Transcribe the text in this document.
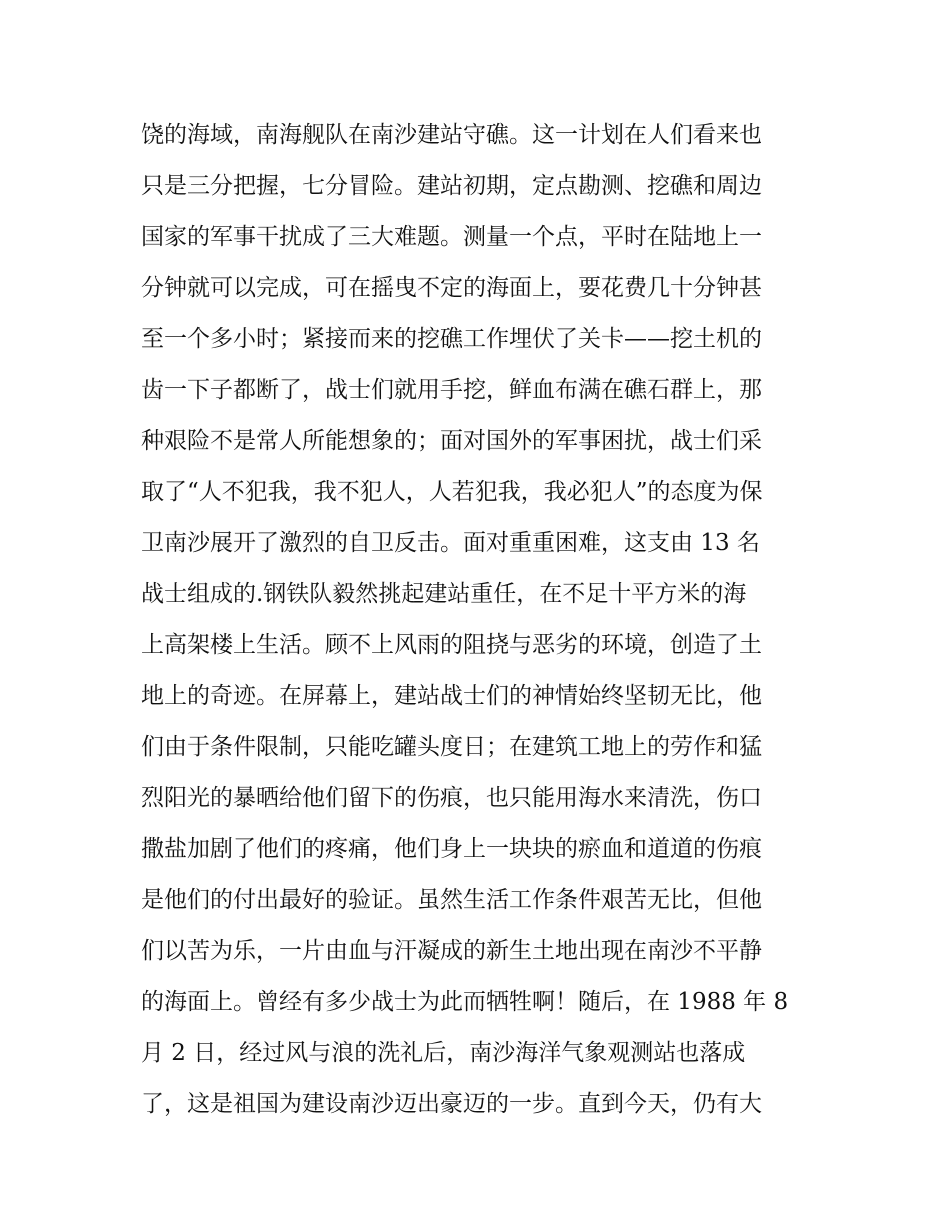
饶的海域，南海舰队在南沙建站守礁。这一计划在人们看来也
只是三分把握，七分冒险。建站初期，定点勘测、挖礁和周边
国家的军事干扰成了三大难题。测量一个点，平时在陆地上一
分钟就可以完成，可在摇曳不定的海面上，要花费几十分钟甚
至一个多小时；紧接而来的挖礁工作埋伏了关卡——挖土机的
齿一下子都断了，战士们就用手挖，鲜血布满在礁石群上，那
种艰险不是常人所能想象的；面对国外的军事困扰，战士们采
取了“人不犯我，我不犯人，人若犯我，我必犯人”的态度为保
卫南沙展开了激烈的自卫反击。面对重重困难，这支由 13 名
战士组成的.钢铁队毅然挑起建站重任，在不足十平方米的海
上高架楼上生活。顾不上风雨的阻挠与恶劣的环境，创造了土
地上的奇迹。在屏幕上，建站战士们的神情始终坚韧无比，他
们由于条件限制，只能吃罐头度日；在建筑工地上的劳作和猛
烈阳光的暴晒给他们留下的伤痕，也只能用海水来清洗，伤口
撒盐加剧了他们的疼痛，他们身上一块块的瘀血和道道的伤痕
是他们的付出最好的验证。虽然生活工作条件艰苦无比，但他
们以苦为乐，一片由血与汗凝成的新生土地出现在南沙不平静
的海面上。曾经有多少战士为此而牺牲啊！随后，在 1988 年 8
月 2 日，经过风与浪的洗礼后，南沙海洋气象观测站也落成
了，这是祖国为建设南沙迈出豪迈的一步。直到今天，仍有大
